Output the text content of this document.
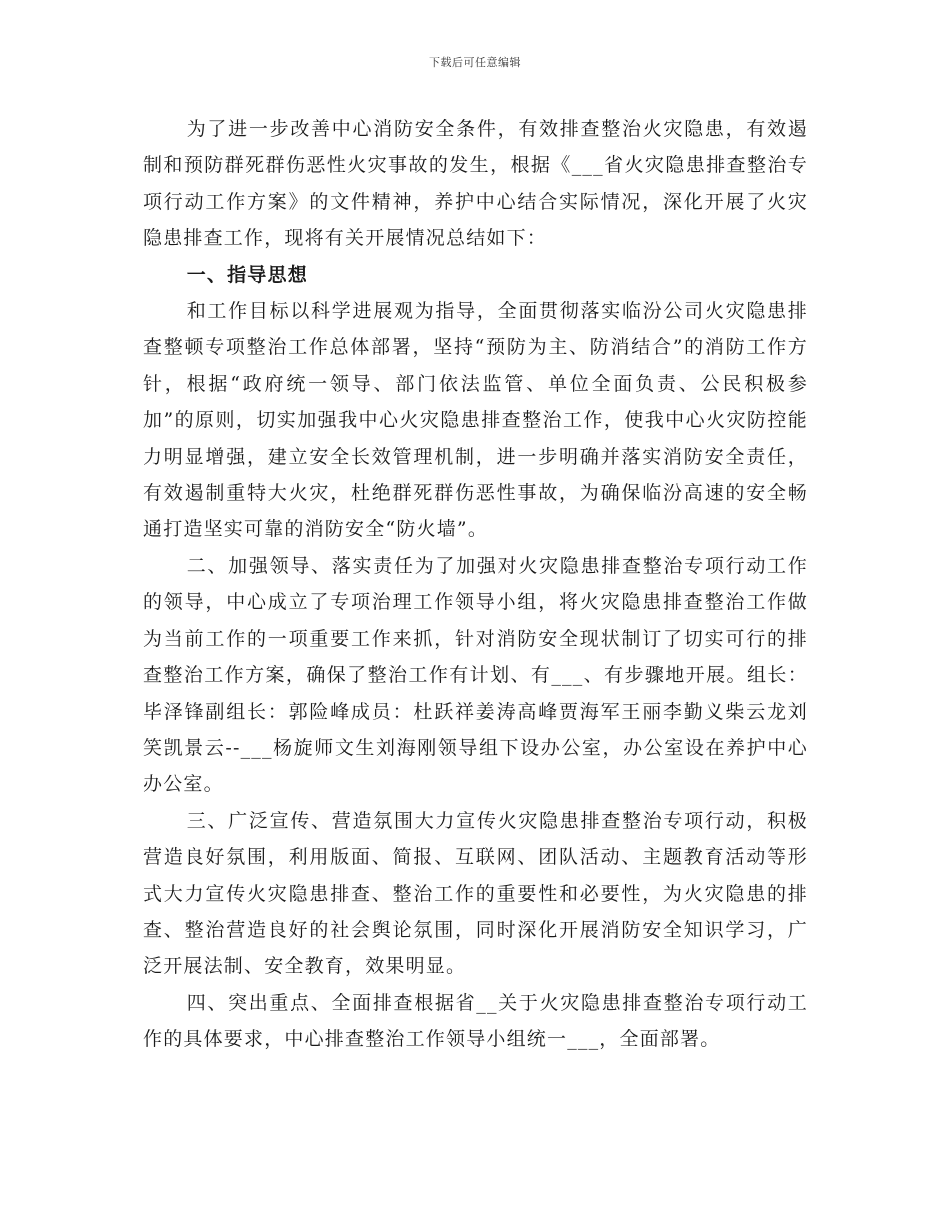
下载后可任意编辑

为了进一步改善中心消防安全条件，有效排查整治火灾隐患，有效遏制和预防群死群伤恶性火灾事故的发生，根据《___省火灾隐患排查整治专项行动工作方案》的文件精神，养护中心结合实际情况，深化开展了火灾隐患排查工作，现将有关开展情况总结如下：

一、指导思想

和工作目标以科学进展观为指导，全面贯彻落实临汾公司火灾隐患排查整顿专项整治工作总体部署，坚持“预防为主、防消结合”的消防工作方针，根据“政府统一领导、部门依法监管、单位全面负责、公民积极参加”的原则，切实加强我中心火灾隐患排查整治工作，使我中心火灾防控能力明显增强，建立安全长效管理机制，进一步明确并落实消防安全责任，有效遏制重特大火灾，杜绝群死群伤恶性事故，为确保临汾高速的安全畅通打造坚实可靠的消防安全“防火墙”。

二、加强领导、落实责任为了加强对火灾隐患排查整治专项行动工作的领导，中心成立了专项治理工作领导小组，将火灾隐患排查整治工作做为当前工作的一项重要工作来抓，针对消防安全现状制订了切实可行的排查整治工作方案，确保了整治工作有计划、有___、有步骤地开展。组长：毕泽锋副组长：郭险峰成员：杜跃祥姜涛高峰贾海军王丽李勤义柴云龙刘笑凯景云--___杨旋师文生刘海刚领导组下设办公室，办公室设在养护中心办公室。

三、广泛宣传、营造氛围大力宣传火灾隐患排查整治专项行动，积极营造良好氛围，利用版面、简报、互联网、团队活动、主题教育活动等形式大力宣传火灾隐患排查、整治工作的重要性和必要性，为火灾隐患的排查、整治营造良好的社会舆论氛围，同时深化开展消防安全知识学习，广泛开展法制、安全教育，效果明显。

四、突出重点、全面排查根据省__关于火灾隐患排查整治专项行动工作的具体要求，中心排查整治工作领导小组统一___，全面部署。
